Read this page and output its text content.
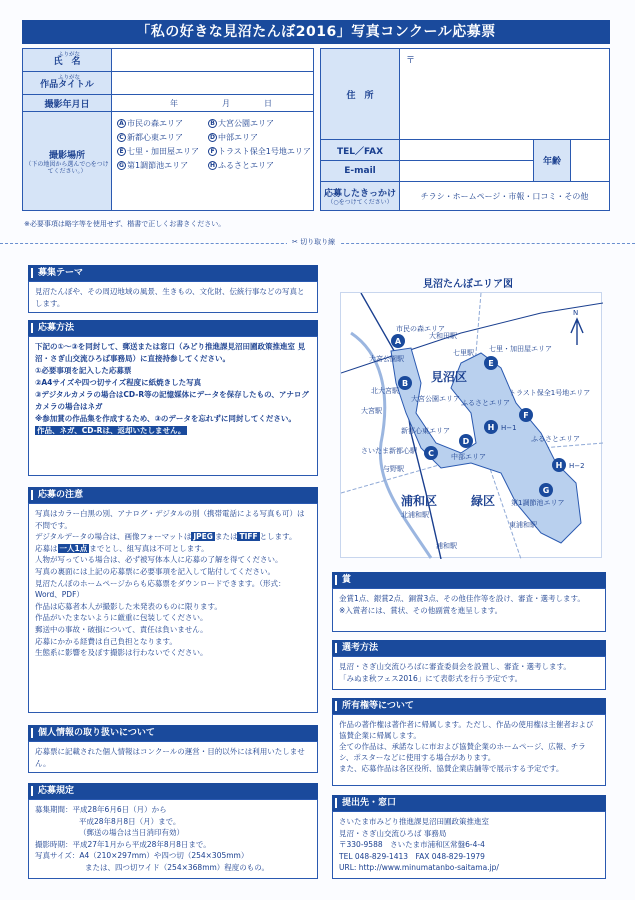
「私の好きな見沼たんぼ2016」写真コンクール応募票
ふりがな
氏　名
ふりがな
作品タイトル
撮影年月日	年	月	日
撮影場所
（下の地図から選んで○をつけてください。）
A 市民の森エリア	B 大宮公園エリア
C 新都心東エリア	D 中部エリア
E 七里・加田屋エリア	F トラスト保全1号地エリア
G 第1調節池エリア	H ふるさとエリア
住　所
〒
TEL／FAX
E-mail
年齢
応募したきっかけ
（○をつけてください）
チラシ・ホームページ・市報・口コミ・その他
※必要事項は略字等を使用せず、楷書で正しくお書きください。
✂ 切り取り線
募集テーマ

見沼たんぼや、その周辺地域の風景、生きもの、文化財、伝統行事などの写真とします。

応募方法

下記の①～③を同封して、郵送または窓口（みどり推進課見沼田圃政策推進室 見沼・さぎ山交流ひろば事務局）に直接持参してください。

①必要事項を記入した応募票

②A4サイズや四つ切サイズ程度に紙焼きした写真

③デジタルカメラの場合はCD-R等の記憶媒体にデータを保存したもの、アナログカメラの場合はネガ

※参加賞の作品集を作成するため、③のデータを忘れずに同封してください。

作品、ネガ、CD-Rは、返却いたしません。

応募の注意

写真はカラー白黒の別、アナログ・デジタルの別（携帯電話による写真も可）は不問です。

デジタルデータの場合は、画像フォーマットは JPEG または TIFF とします。

応募は 一人1点 までとし、組写真は不可とします。

人物が写っている場合は、必ず被写体本人に応募の了解を得てください。

写真の裏面には上記の応募票に必要事項を記入して貼付してください。

見沼たんぼのホームページからも応募票をダウンロードできます。（形式：Word、PDF）

作品は応募者本人が撮影した未発表のものに限ります。

作品がいたまないように厳重に包装してください。

郵送中の事故・破損について、責任は負いません。

応募にかかる経費は自己負担となります。

生態系に影響を及ぼす撮影は行わないでください。

個人情報の取り扱いについて

応募票に記載された個人情報はコンクールの運営・目的以外には利用いたしません。

応募規定

募集期間：平成28年6月6日（月）から

平成28年8月8日（月）まで。

（郵送の場合は当日消印有効）

撮影時期：平成27年1月から平成28年8月8日まで。

写真サイズ：A4（210×297mm）や四つ切（254×305mm）

または、四つ切ワイド（254×368mm）程度のもの。

見沼たんぼエリア図
A
B
C
D
E
F
G
H
H
N
市民の森エリア
大宮公園駅
大宮公園エリア
大宮駅
北大宮駅
大和田駅
七里駅
見沼区
七里・加田屋エリア
トラスト保全1号地エリア
ふるさとエリア
ふるさとエリア
新都心東エリア
さいたま新都心駅
中部エリア
与野駅
浦和区	緑区
北浦和駅
浦和駅
第1調節池エリア
東浦和駅
H−1
H−2
賞

金賞1点、銀賞2点、銅賞3点、その他佳作等を設け、審査・選考します。

※入賞者には、賞状、その他副賞を進呈します。

選考方法

見沼・さぎ山交流ひろばに審査委員会を設置し、審査・選考します。

「みぬま秋フェス2016」にて表彰式を行う予定です。

所有権等について

作品の著作権は著作者に帰属します。ただし、作品の使用権は主催者および協賛企業に帰属します。

全ての作品は、承諾なしに市および協賛企業のホームページ、広報、チラシ、ポスターなどに使用する場合があります。

また、応募作品は各区役所、協賛企業店舗等で展示する予定です。

提出先・窓口

さいたま市みどり推進課見沼田圃政策推進室

見沼・さぎ山交流ひろば 事務局

〒330-9588　さいたま市浦和区常盤6-4-4

TEL 048-829-1413　FAX 048-829-1979

URL: http://www.minumatanbo-saitama.jp/
